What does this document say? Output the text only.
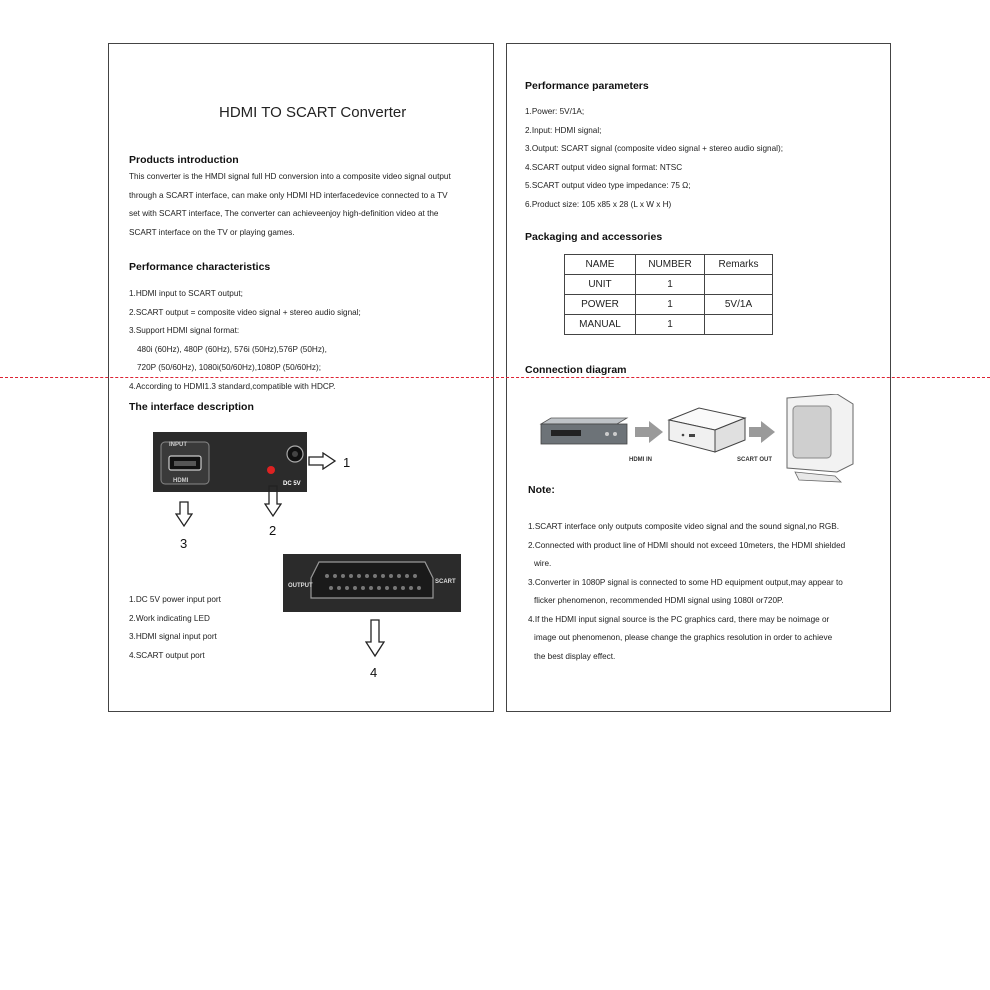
HDMI TO SCART Converter
Products introduction
This converter is the HMDI signal full HD conversion into a composite video signal output
through a SCART interface, can make only HDMI HD interfacedevice connected to a TV
set with SCART interface, The converter can achieveenjoy high-definition video at the
SCART interface on the TV or playing games.
Performance characteristics
1.HDMI input to SCART output;
2.SCART output = composite video signal + stereo audio signal;
3.Support HDMI signal format:
480i (60Hz), 480P (60Hz), 576i (50Hz),576P (50Hz),
720P (50/60Hz), 1080i(50/60Hz),1080P (50/60Hz);
4.According to HDMI1.3 standard,compatible with HDCP.
The interface description
INPUT
HDMI	DC 5V
1
2
3
OUTPUT
SCART
4
1.DC 5V power input port
2.Work indicating LED
3.HDMI signal input port
4.SCART output port
Performance parameters
1.Power: 5V/1A;
2.Input: HDMI signal;
3.Output: SCART signal (composite video signal + stereo audio signal);
4.SCART output video signal format: NTSC
5.SCART output video type impedance: 75 Ω;
6.Product size: 105 x85 x 28 (L x W x H)
Packaging and accessories
NAME	NUMBER	Remarks
UNIT	1	
POWER	1	5V/1A
MANUAL	1	
Connection diagram
HDMI IN	SCART OUT
Note:
1.SCART interface only outputs composite video signal and the sound signal,no RGB.
2.Connected with product line of HDMI should not exceed 10meters, the HDMI shielded
wire.
3.Converter in 1080P signal is connected to some HD equipment output,may appear to
flicker phenomenon, recommended HDMI signal using 1080I or720P.
4.If the HDMI input signal source is the PC graphics card, there may be noimage or
image out phenomenon, please change the graphics resolution in order to achieve
the best display effect.
